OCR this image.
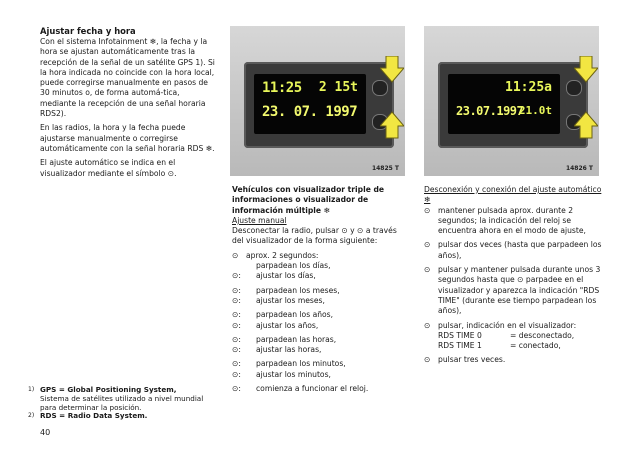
Ajustar fecha y hora

Con el sistema Infotainment ❄, la fecha y la hora se ajustan automáticamente tras la recepción de la señal de un satélite GPS 1). Si la hora indicada no coincide con la hora local, puede corregirse manualmente en pasos de 30 minutos o, de forma automá-tica, mediante la recepción de una señal horaria RDS2).

En las radios, la hora y la fecha puede ajustarse manualmente o corregirse automáticamente con la señal horaria RDS ❄.

El ajuste automático se indica en el visualizador mediante el símbolo ⊙.

1) GPS = Global Positioning System,
Sistema de satélites utilizado a nivel mundial para determinar la posición.
2) RDS = Radio Data System.
40
11:25 2 15t
23. 07. 1997
14825 T
11:25a
23.07.1997
21.0t
14826 T
Vehículos con visualizador triple de informaciones o visualizador de información múltiple ❄
Ajuste manual
Desconectar la radio, pulsar ⊙ y ⊙ a través del visualizador de la forma siguiente:
⊙	aprox. 2 segundos:
parpadean los días,
⊙:	ajustar los días,
⊙:	parpadean los meses,
⊙:	ajustar los meses,
⊙:	parpadean los años,
⊙:	ajustar los años,
⊙:	parpadean las horas,
⊙:	ajustar las horas,
⊙:	parpadean los minutos,
⊙:	ajustar los minutos,
⊙:	comienza a funcionar el reloj.
Desconexión y conexión del ajuste automático ❄
⊙	mantener pulsada aprox. durante 2 segundos; la indicación del reloj se encuentra ahora en el modo de ajuste,
⊙	pulsar dos veces (hasta que parpadeen los años),
⊙	pulsar y mantener pulsada durante unos 3 segundos hasta que ⊙ parpadee en el visualizador y aparezca la indicación "RDS TIME" (durante ese tiempo parpadean los años),
⊙	pulsar, indicación en el visualizador:
RDS TIME 0	= desconectado,
RDS TIME 1	= conectado,
⊙	pulsar tres veces.
